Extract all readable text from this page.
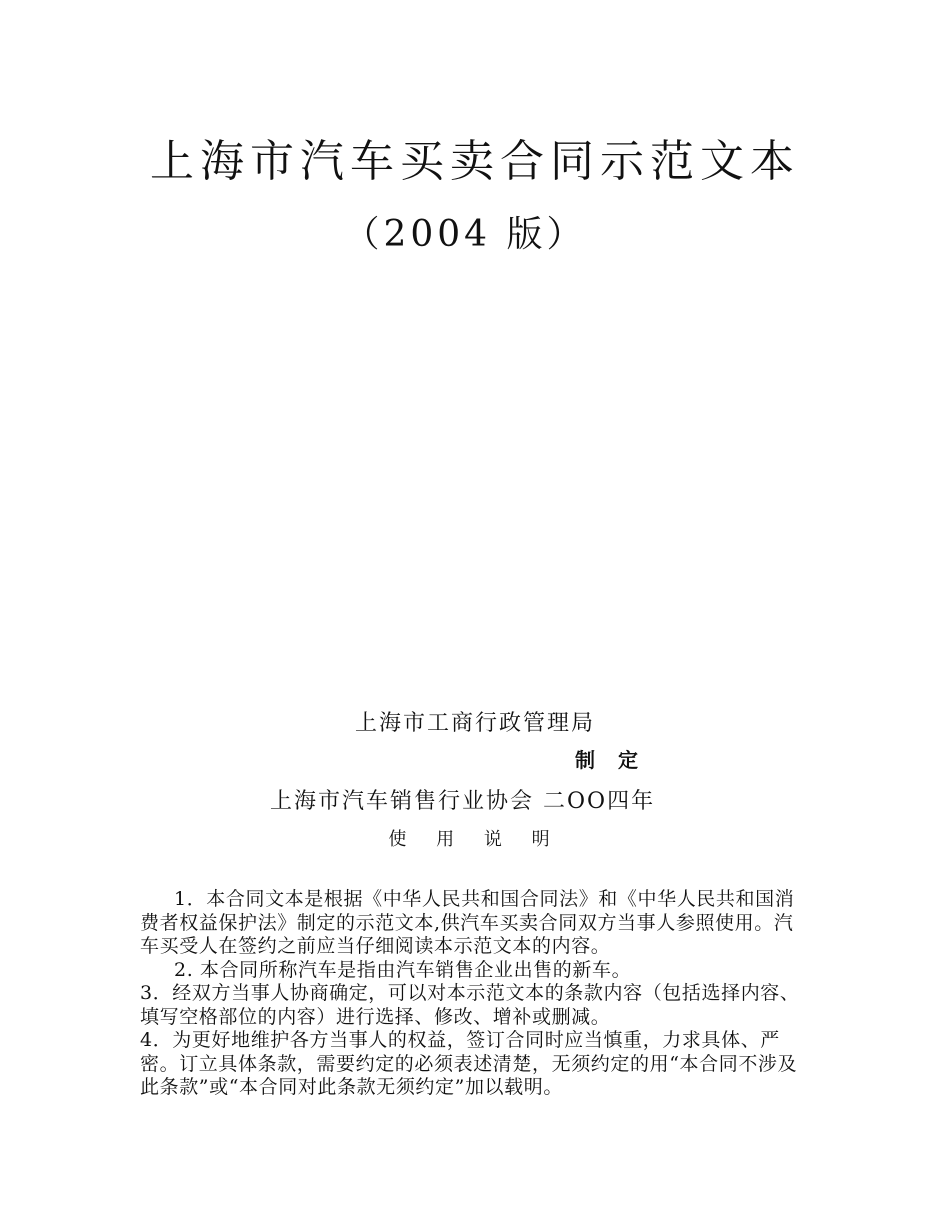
上海市汽车买卖合同示范文本
（2004 版）
上海市工商行政管理局
制 定
上海市汽车销售行业协会 二OO四年
使 用 说 明

1．本合同文本是根据《中华人民共和国合同法》和《中华人民共和国消费者权益保护法》制定的示范文本,供汽车买卖合同双方当事人参照使用。汽车买受人在签约之前应当仔细阅读本示范文本的内容。

2. 本合同所称汽车是指由汽车销售企业出售的新车。

3．经双方当事人协商确定，可以对本示范文本的条款内容（包括选择内容、填写空格部位的内容）进行选择、修改、增补或删减。

4．为更好地维护各方当事人的权益，签订合同时应当慎重，力求具体、严密。订立具体条款，需要约定的必须表述清楚，无须约定的用“本合同不涉及此条款”或“本合同对此条款无须约定”加以载明。
